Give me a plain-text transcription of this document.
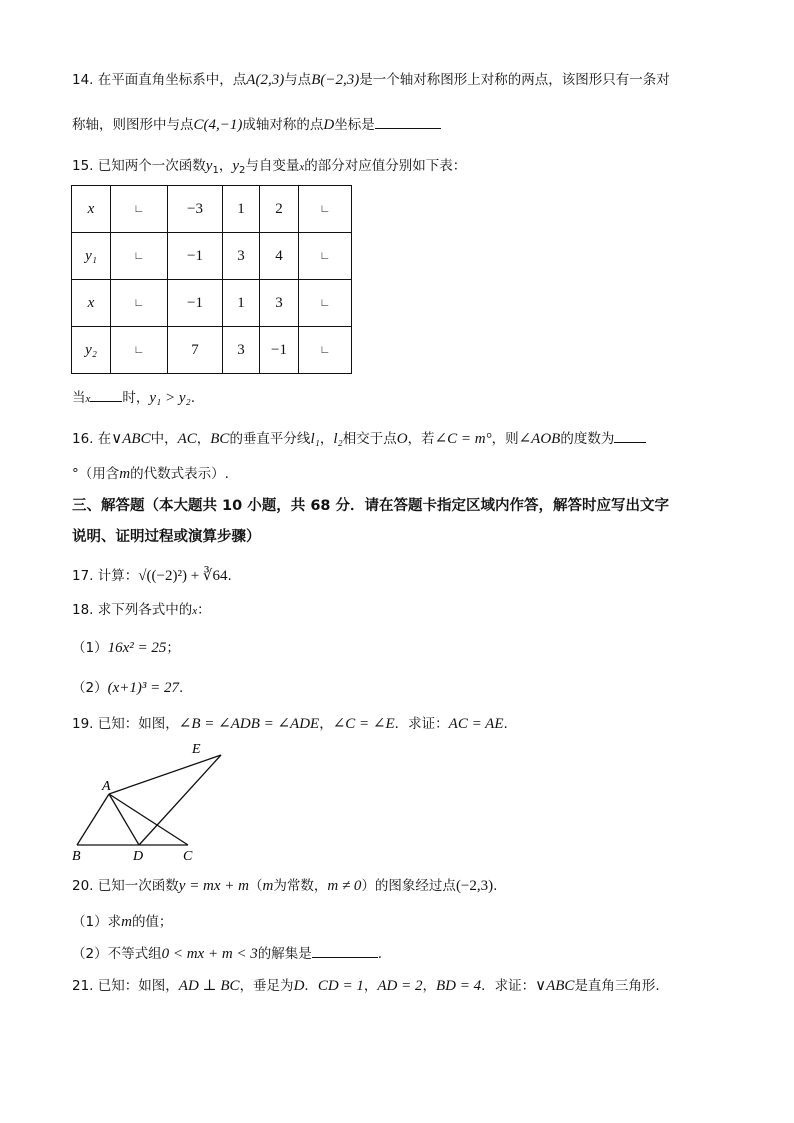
14. 在平面直角坐标系中，点A(2,3)与点B(−2,3)是一个轴对称图形上对称的两点，该图形只有一条对
称轴，则图形中与点C(4,−1)成轴对称的点D坐标是
15. 已知两个一次函数$y_1$，$y_2$与自变量x的部分对应值分别如下表：
x	∟	−3	1	2	∟
y₁	∟	−1	3	4	∟
x	∟	−1	1	3	∟
y₂	∟	7	3	−1	∟
当x 时，y₁ > y₂.
16. 在∨ABC中，AC，BC的垂直平分线l₁，l₂相交于点O，若∠C = m°，则∠AOB的度数为
°（用含m的代数式表示）.
三、解答题（本大题共 10 小题，共 68 分．请在答题卡指定区域内作答，解答时应写出文字
说明、证明过程或演算步骤）
17. 计算：√((−2)²) + ∛64.
18. 求下列各式中的x：
（1）16x² = 25；
（2）(x+1)³ = 27.
19. 已知：如图，∠B = ∠ADB = ∠ADE，∠C = ∠E．求证：AC = AE.
E
A
B	D	C
20. 已知一次函数y = mx + m（m为常数，m ≠ 0）的图象经过点(−2,3).
（1）求m的值；
（2）不等式组0 < mx + m < 3的解集是	.
21. 已知：如图，AD ⊥ BC，垂足为D．CD = 1，AD = 2，BD = 4．求证：∨ABC是直角三角形.
